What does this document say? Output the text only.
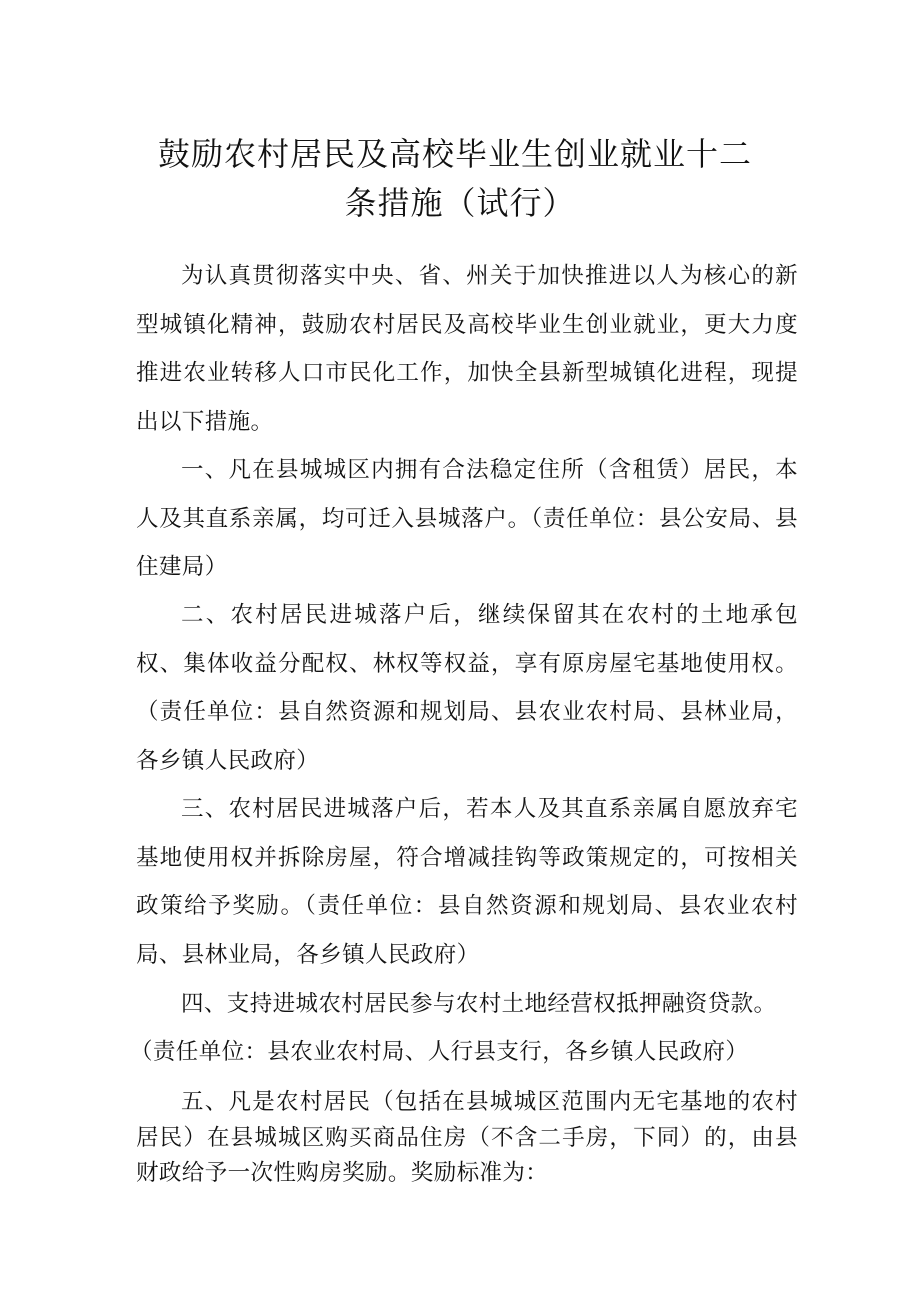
鼓励农村居民及高校毕业生创业就业十二
条措施（试行）

为认真贯彻落实中央、省、州关于加快推进以人为核心的新型城镇化精神，鼓励农村居民及高校毕业生创业就业，更大力度推进农业转移人口市民化工作，加快全县新型城镇化进程，现提出以下措施。

一、凡在县城城区内拥有合法稳定住所（含租赁）居民，本人及其直系亲属，均可迁入县城落户。（责任单位：县公安局、县住建局）

二、农村居民进城落户后，继续保留其在农村的土地承包权、集体收益分配权、林权等权益，享有原房屋宅基地使用权。（责任单位：县自然资源和规划局、县农业农村局、县林业局，各乡镇人民政府）

三、农村居民进城落户后，若本人及其直系亲属自愿放弃宅基地使用权并拆除房屋，符合增减挂钩等政策规定的，可按相关政策给予奖励。（责任单位：县自然资源和规划局、县农业农村局、县林业局，各乡镇人民政府）

四、支持进城农村居民参与农村土地经营权抵押融资贷款。

（责任单位：县农业农村局、人行县支行，各乡镇人民政府）

五、凡是农村居民（包括在县城城区范围内无宅基地的农村居民）在县城城区购买商品住房（不含二手房，下同）的，由县财政给予一次性购房奖励。奖励标准为：
